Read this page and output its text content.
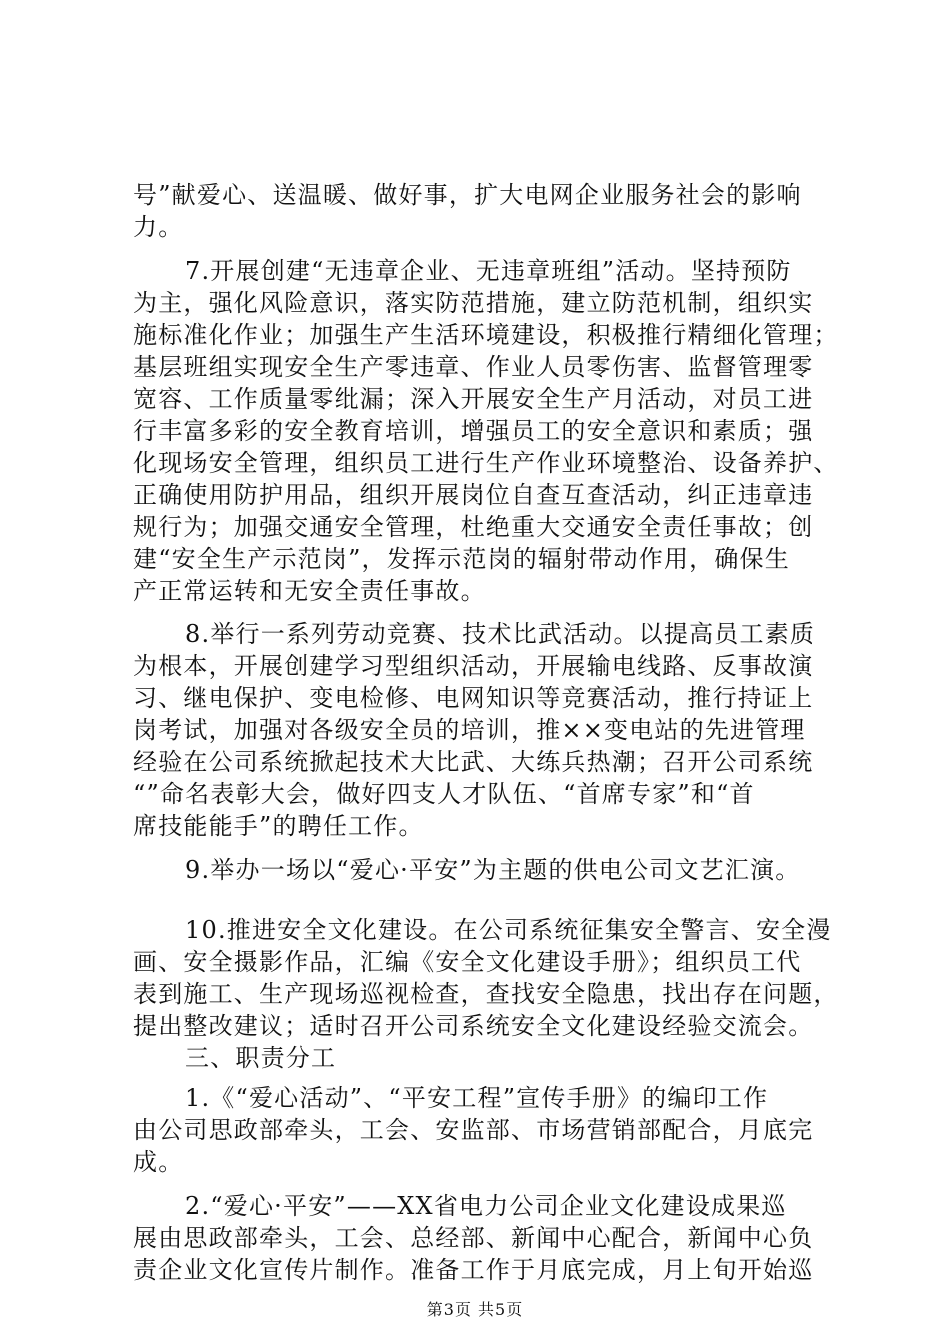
号”献爱心、送温暖、做好事，扩大电网企业服务社会的影响
力。
7.开展创建“无违章企业、无违章班组”活动。坚持预防
为主，强化风险意识，落实防范措施，建立防范机制，组织实
施标准化作业；加强生产生活环境建设，积极推行精细化管理；
基层班组实现安全生产零违章、作业人员零伤害、监督管理零
宽容、工作质量零纰漏；深入开展安全生产月活动，对员工进
行丰富多彩的安全教育培训，增强员工的安全意识和素质；强
化现场安全管理，组织员工进行生产作业环境整治、设备养护、
正确使用防护用品，组织开展岗位自查互查活动，纠正违章违
规行为；加强交通安全管理，杜绝重大交通安全责任事故；创
建“安全生产示范岗”，发挥示范岗的辐射带动作用，确保生
产正常运转和无安全责任事故。
8.举行一系列劳动竞赛、技术比武活动。以提高员工素质
为根本，开展创建学习型组织活动，开展输电线路、反事故演
习、继电保护、变电检修、电网知识等竞赛活动，推行持证上
岗考试，加强对各级安全员的培训，推××变电站的先进管理
经验在公司系统掀起技术大比武、大练兵热潮；召开公司系统
“”命名表彰大会，做好四支人才队伍、“首席专家”和“首
席技能能手”的聘任工作。
9.举办一场以“爱心·平安”为主题的供电公司文艺汇演。
10.推进安全文化建设。在公司系统征集安全警言、安全漫
画、安全摄影作品，汇编《安全文化建设手册》；组织员工代
表到施工、生产现场巡视检查，查找安全隐患，找出存在问题，
提出整改建议；适时召开公司系统安全文化建设经验交流会。
三、职责分工
1.《“爱心活动”、“平安工程”宣传手册》的编印工作
由公司思政部牵头，工会、安监部、市场营销部配合，月底完
成。
2.“爱心·平安”——XX省电力公司企业文化建设成果巡
展由思政部牵头，工会、总经部、新闻中心配合，新闻中心负
责企业文化宣传片制作。准备工作于月底完成，月上旬开始巡
第3页 共5页
